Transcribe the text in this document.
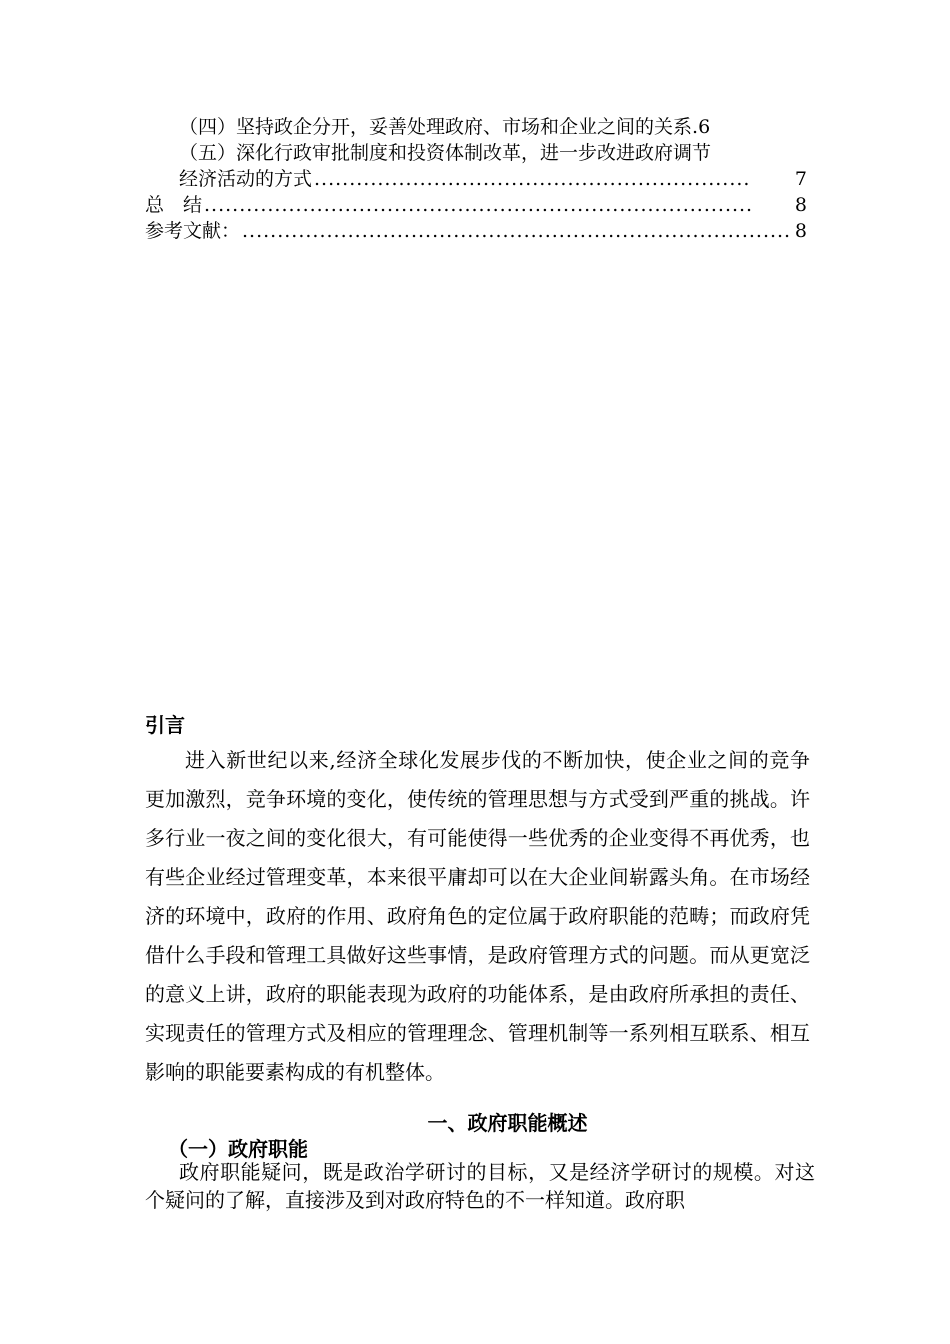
（四）坚持政企分开，妥善处理政府、市场和企业之间的关系 . 6
（五）深化行政审批制度和投资体制改革，进一步改进政府调节
经济活动的方式 ..............................................................	7
总　结 ..............................................................................	8
参考文献： .............................................................................. 8
引言

进入新世纪以来,经济全球化发展步伐的不断加快，使企业之间的竞争更加激烈，竞争环境的变化，使传统的管理思想与方式受到严重的挑战。许多行业一夜之间的变化很大，有可能使得一些优秀的企业变得不再优秀，也有些企业经过管理变革，本来很平庸却可以在大企业间崭露头角。在市场经济的环境中，政府的作用、政府角色的定位属于政府职能的范畴；而政府凭借什么手段和管理工具做好这些事情，是政府管理方式的问题。而从更宽泛的意义上讲，政府的职能表现为政府的功能体系，是由政府所承担的责任、实现责任的管理方式及相应的管理理念、管理机制等一系列相互联系、相互影响的职能要素构成的有机整体。

一、政府职能概述
（一）政府职能

政府职能疑问，既是政治学研讨的目标，又是经济学研讨的规模。对这个疑问的了解，直接涉及到对政府特色的不一样知道。政府职
